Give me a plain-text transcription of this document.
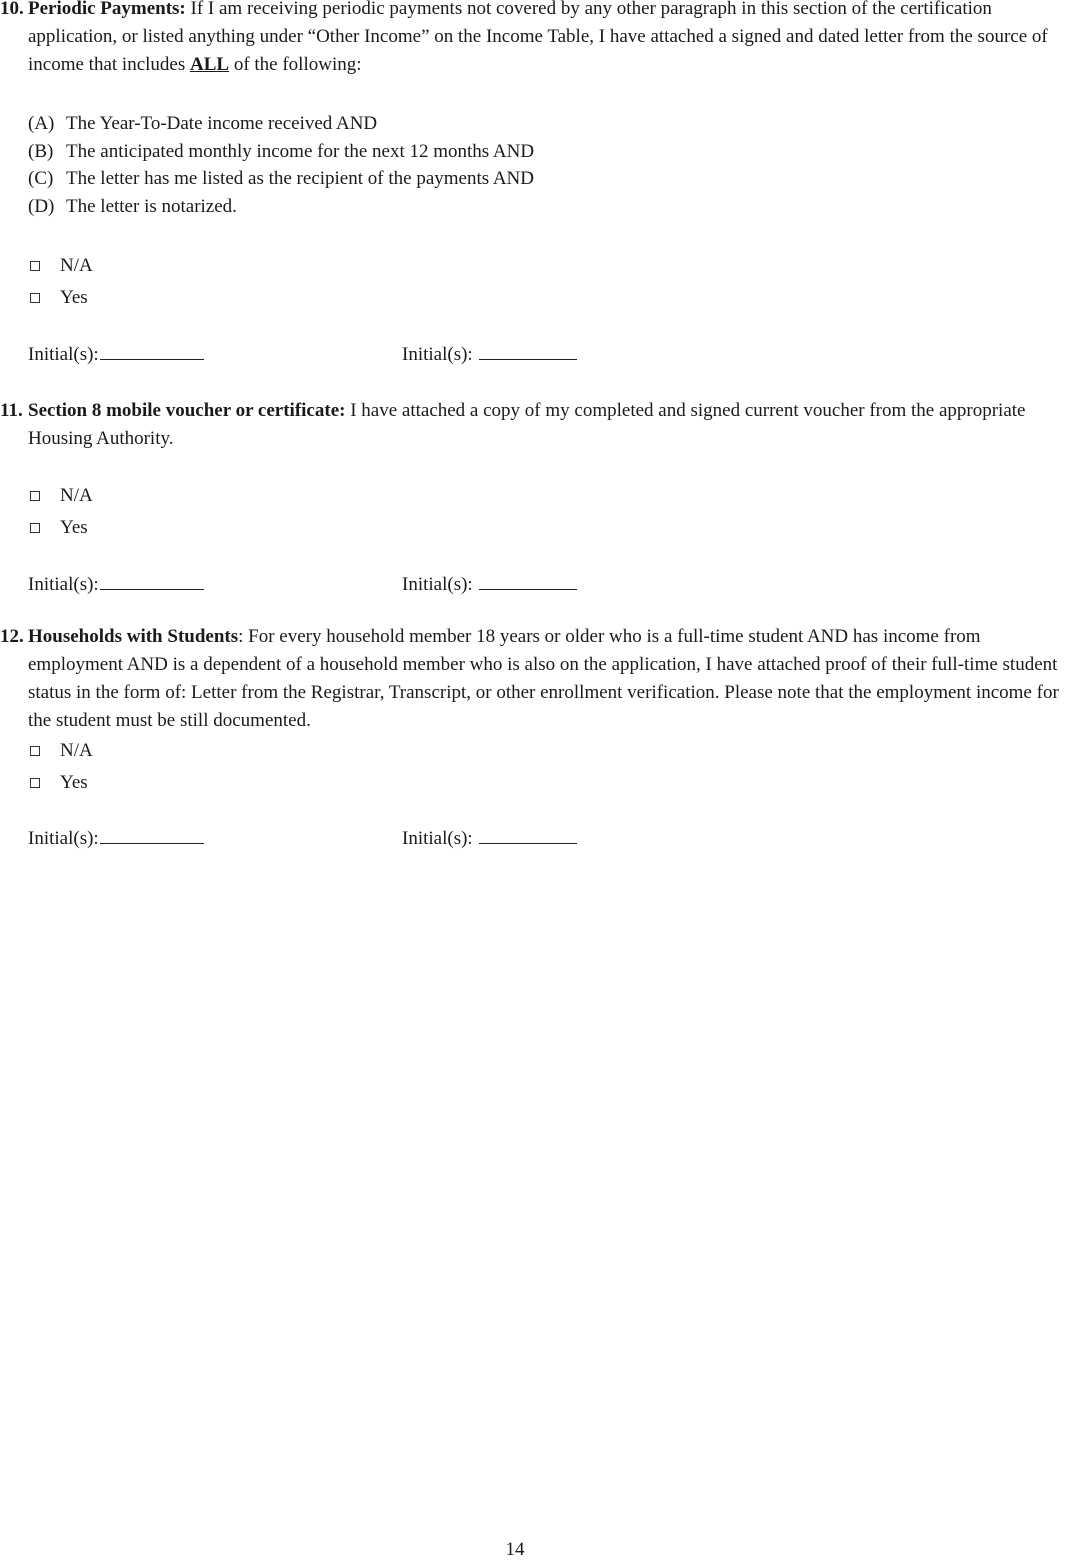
10. Periodic Payments: If I am receiving periodic payments not covered by any other paragraph in this section of the certification application, or listed anything under “Other Income” on the Income Table, I have attached a signed and dated letter from the source of income that includes ALL of the following:

(A) The Year-To-Date income received AND
(B) The anticipated monthly income for the next 12 months AND
(C) The letter has me listed as the recipient of the payments AND
(D) The letter is notarized.
N/A
Yes
Initial(s):	Initial(s):

11. Section 8 mobile voucher or certificate: I have attached a copy of my completed and signed current voucher from the appropriate Housing Authority.

N/A
Yes
Initial(s):	Initial(s):

12. Households with Students: For every household member 18 years or older who is a full-time student AND has income from employment AND is a dependent of a household member who is also on the application, I have attached proof of their full-time student status in the form of: Letter from the Registrar, Transcript, or other enrollment verification. Please note that the employment income for the student must be still documented.

N/A
Yes
Initial(s):	Initial(s):
14
